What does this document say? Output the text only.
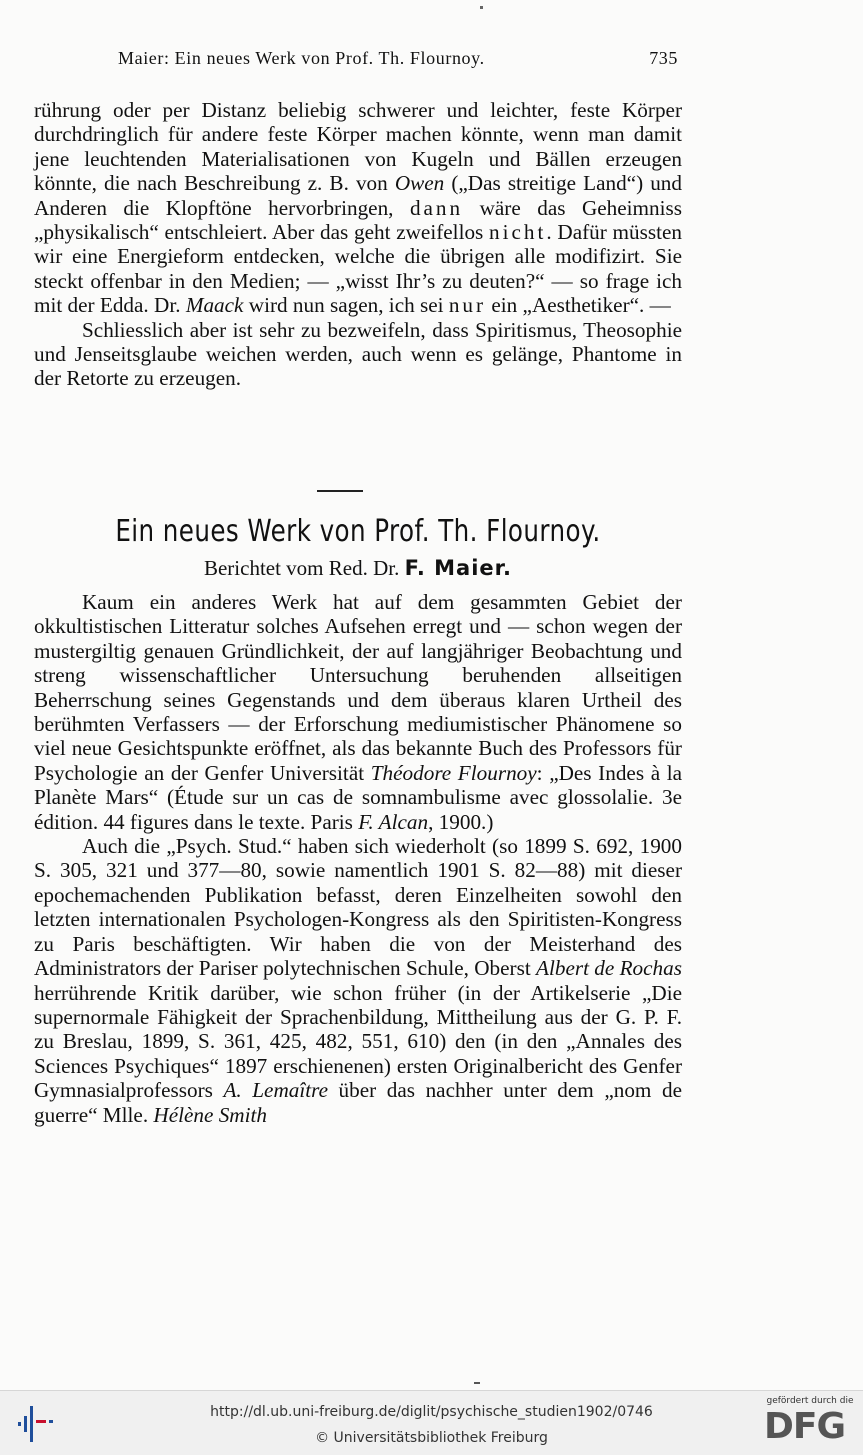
Maier: Ein neues Werk von Prof. Th. Flournoy.	735

rührung oder per Distanz beliebig schwerer und leichter, feste Körper durchdringlich für andere feste Körper machen könnte, wenn man damit jene leuchtenden Materialisationen von Kugeln und Bällen erzeugen könnte, die nach Beschreibung z. B. von Owen („Das streitige Land“) und Anderen die Klopftöne hervorbringen, dann wäre das Geheimniss „physikalisch“ entschleiert. Aber das geht zweifellos nicht. Dafür müssten wir eine Energieform entdecken, welche die übrigen alle modifizirt. Sie steckt offenbar in den Medien; — „wisst Ihr’s zu deuten?“ — so frage ich mit der Edda. Dr. Maack wird nun sagen, ich sei nur ein „Aesthetiker“. —

Schliesslich aber ist sehr zu bezweifeln, dass Spiritismus, Theosophie und Jenseitsglaube weichen werden, auch wenn es gelänge, Phantome in der Retorte zu erzeugen.

Ein neues Werk von Prof. Th. Flournoy.
Berichtet vom Red. Dr. F. Maier.

Kaum ein anderes Werk hat auf dem gesammten Gebiet der okkultistischen Litteratur solches Aufsehen erregt und — schon wegen der mustergiltig genauen Gründlichkeit, der auf langjähriger Beobachtung und streng wissenschaftlicher Untersuchung beruhenden allseitigen Beherrschung seines Gegenstands und dem überaus klaren Urtheil des berühmten Verfassers — der Erforschung mediumistischer Phänomene so viel neue Gesichtspunkte eröffnet, als das bekannte Buch des Professors für Psychologie an der Genfer Universität Théodore Flournoy: „Des Indes à la Planète Mars“ (Étude sur un cas de somnambulisme avec glossolalie. 3e édition. 44 figures dans le texte. Paris F. Alcan, 1900.)

Auch die „Psych. Stud.“ haben sich wiederholt (so 1899 S. 692, 1900 S. 305, 321 und 377—80, sowie namentlich 1901 S. 82—88) mit dieser epochemachenden Publikation befasst, deren Einzelheiten sowohl den letzten internationalen Psychologen-Kongress als den Spiritisten-Kongress zu Paris beschäftigten. Wir haben die von der Meisterhand des Administrators der Pariser polytechnischen Schule, Oberst Albert de Rochas herrührende Kritik darüber, wie schon früher (in der Artikelserie „Die supernormale Fähigkeit der Sprachenbildung, Mittheilung aus der G. P. F. zu Breslau, 1899, S. 361, 425, 482, 551, 610) den (in den „Annales des Sciences Psychiques“ 1897 erschienenen) ersten Originalbericht des Genfer Gymnasialprofessors A. Lemaître über das nachher unter dem „nom de guerre“ Mlle. Hélène Smith

http://dl.ub.uni-freiburg.de/diglit/psychische_studien1902/0746
© Universitätsbibliothek Freiburg
gefördert durch die
DFG
